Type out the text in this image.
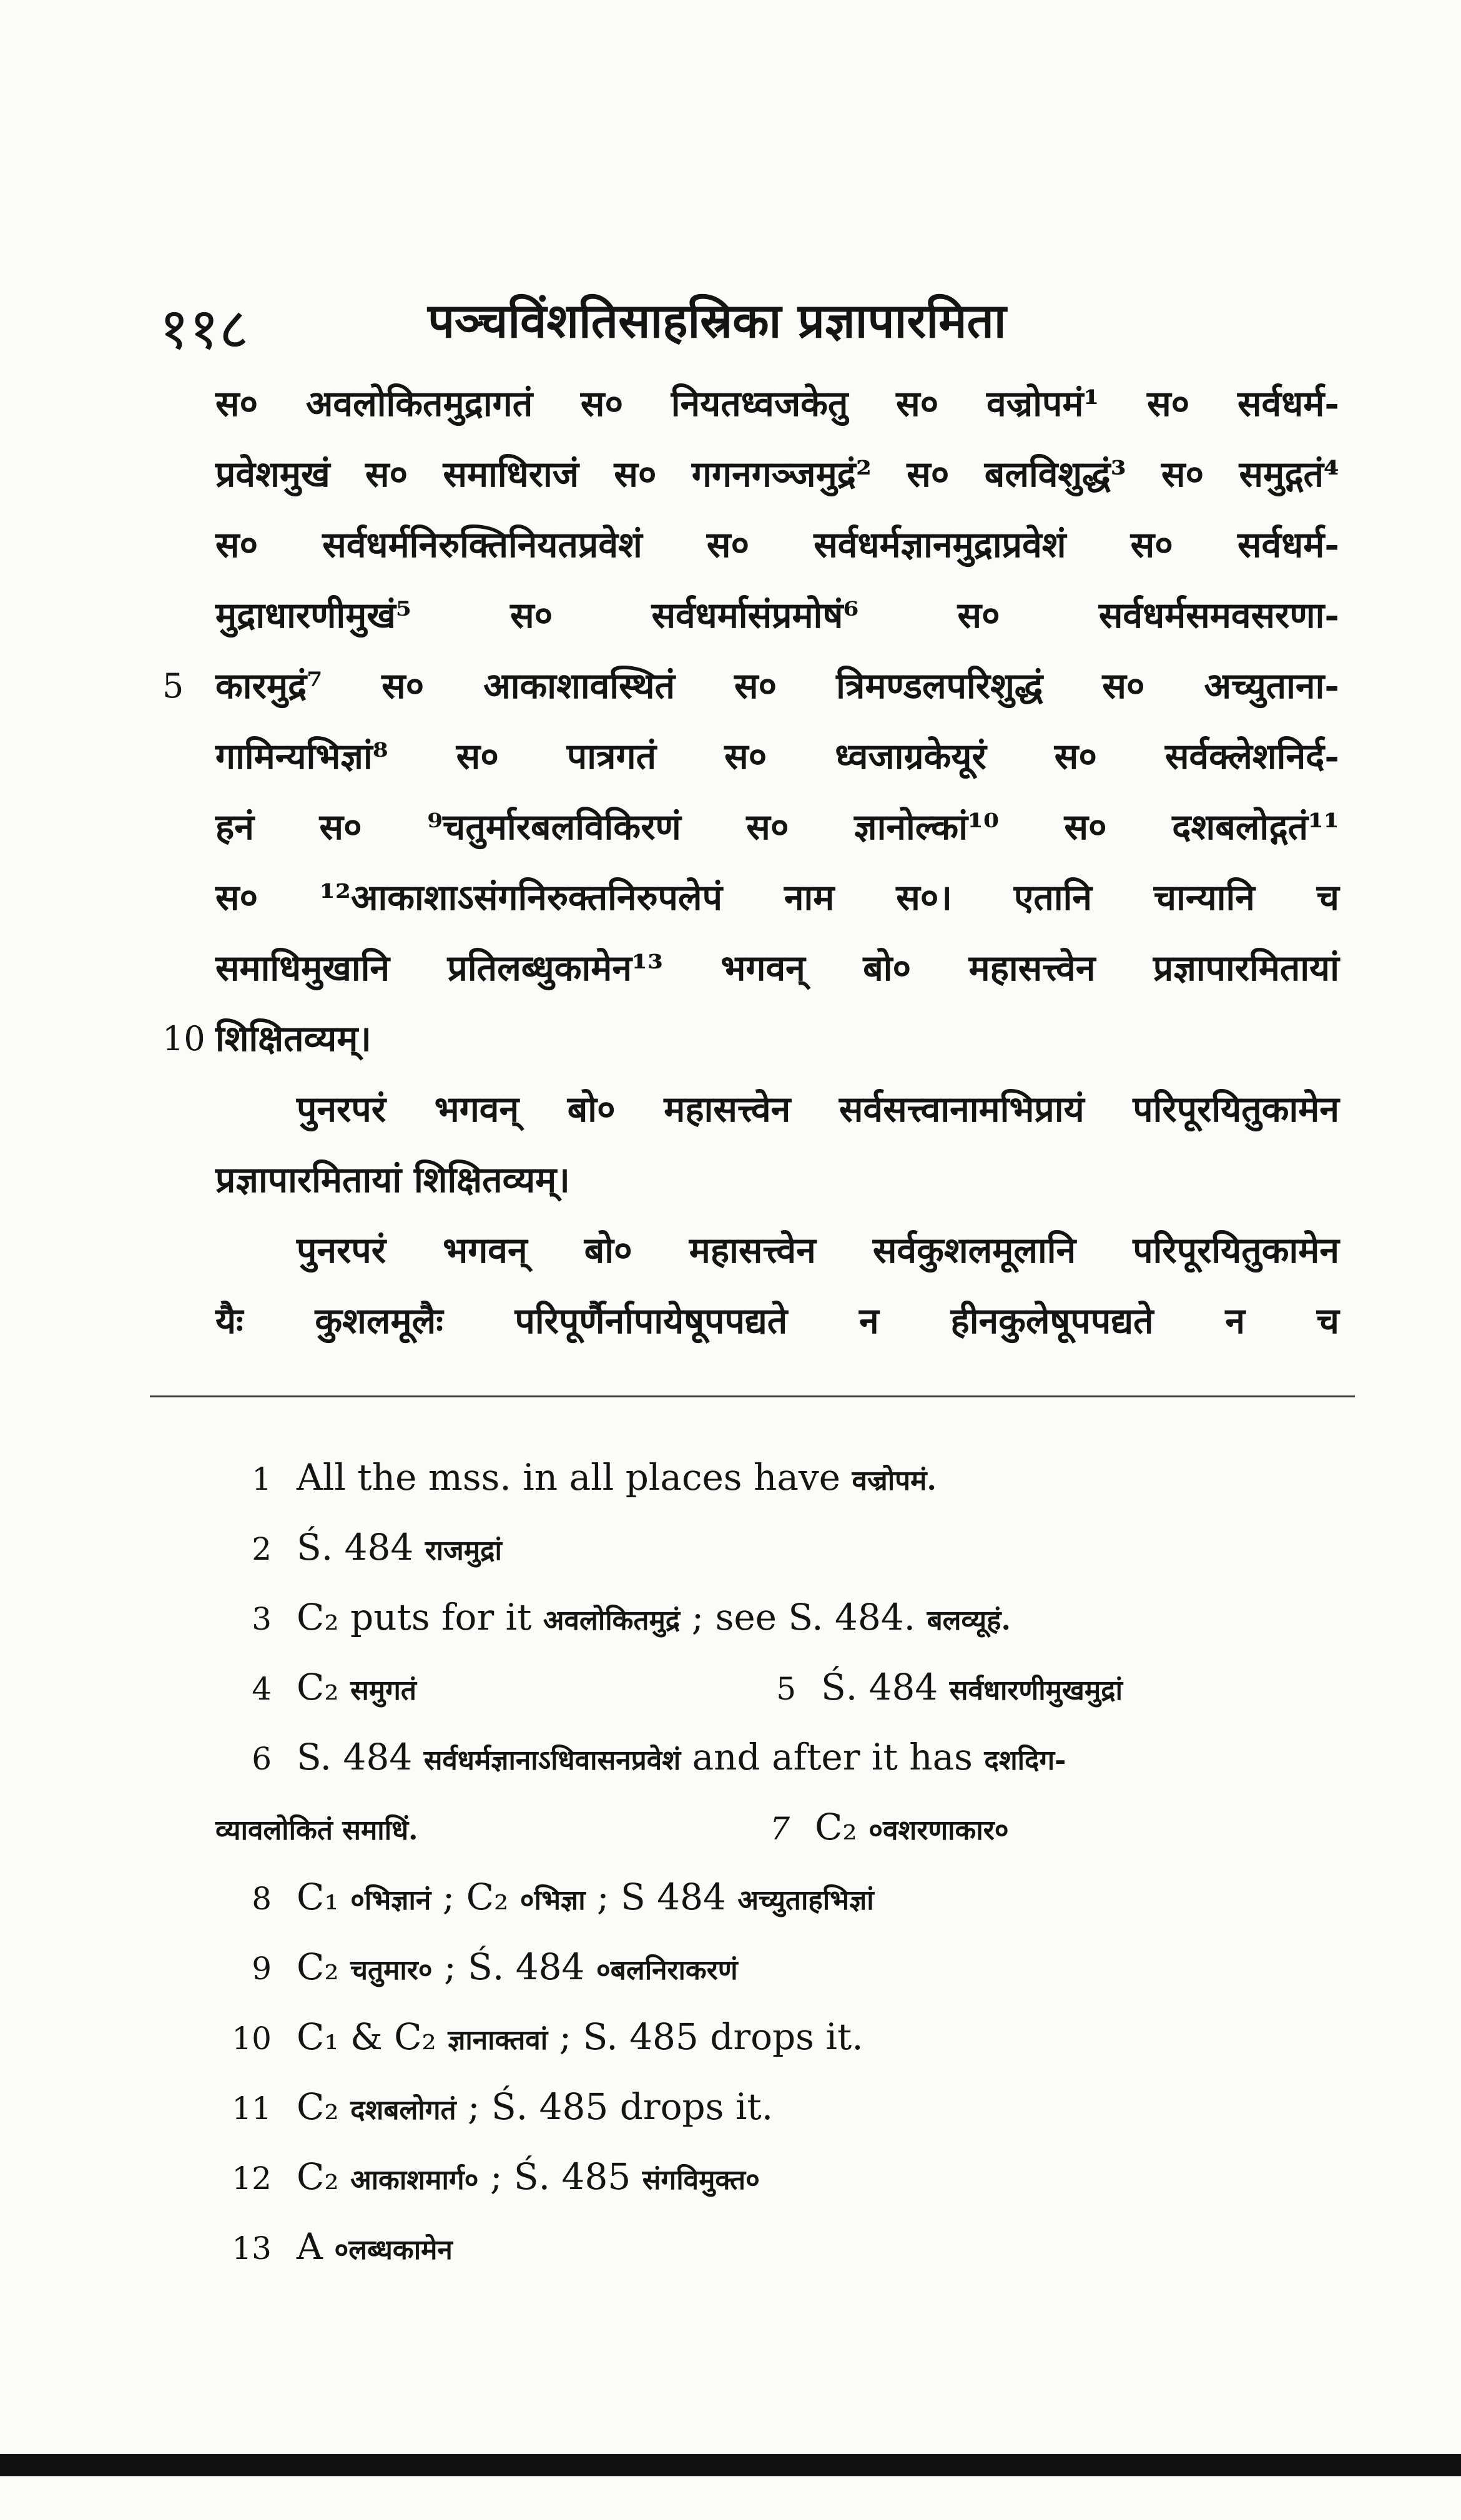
११८	पञ्चविंशतिसाहस्रिका प्रज्ञापारमिता
स० अवलोकितमुद्रागतं स० नियतध्वजकेतु स० वज्रोपमं¹ स० सर्वधर्म-
प्रवेशमुखं स० समाधिराजं स० गगनगञ्जमुद्रं² स० बलविशुद्धं³ स० समुद्गतं⁴
स० सर्वधर्मनिरुक्तिनियतप्रवेशं स० सर्वधर्मज्ञानमुद्राप्रवेशं स० सर्वधर्म-
मुद्राधारणीमुखं⁵ स० सर्वधर्मासंप्रमोषं⁶ स० सर्वधर्मसमवसरणा-
5 कारमुद्रं⁷ स० आकाशावस्थितं स० त्रिमण्डलपरिशुद्धं स० अच्युताना-
गामिन्यभिज्ञां⁸ स० पात्रगतं स० ध्वजाग्रकेयूरं स० सर्वक्लेशनिर्द-
हनं स० ⁹चतुर्मारबलविकिरणं स० ज्ञानोल्कां¹⁰ स० दशबलोद्गतं¹¹
स० ¹²आकाशाऽसंगनिरुक्तनिरुपलेपं नाम स०। एतानि चान्यानि च
समाधिमुखानि प्रतिलब्धुकामेन¹³ भगवन् बो० महासत्त्वेन प्रज्ञापारमितायां
10 शिक्षितव्यम्।
पुनरपरं भगवन् बो० महासत्त्वेन सर्वसत्त्वानामभिप्रायं परिपूरयितुकामेन
प्रज्ञापारमितायां शिक्षितव्यम्।
पुनरपरं भगवन् बो० महासत्त्वेन सर्वकुशलमूलानि परिपूरयितुकामेन
यैः कुशलमूलैः परिपूर्णैर्नापायेषूपपद्यते न हीनकुलेषूपपद्यते न च
1 All the mss. in all places have वज्रोपमं.
2 Ś. 484 राजमुद्रां
3 C₂ puts for it अवलोकितमुद्रं ; see S. 484. बलव्यूहं.
4 C₂ समुगतं	5 Ś. 484 सर्वधारणीमुखमुद्रां
6 S. 484 सर्वधर्मज्ञानाऽधिवासनप्रवेशं and after it has दशदिग-
व्यावलोकितं समाधिं.	7 C₂ ०वशरणाकार०
8 C₁ ०भिज्ञानं ; C₂ ०भिज्ञा ; S 484 अच्युताहभिज्ञां
9 C₂ चतुमार० ; Ś. 484 ०बलनिराकरणं
10 C₁ & C₂ ज्ञानाक्तवां ; S. 485 drops it.
11 C₂ दशबलोगतं ; Ś. 485 drops it.
12 C₂ आकाशमार्ग० ; Ś. 485 संगविमुक्त०
13 A ०लब्धकामेन
